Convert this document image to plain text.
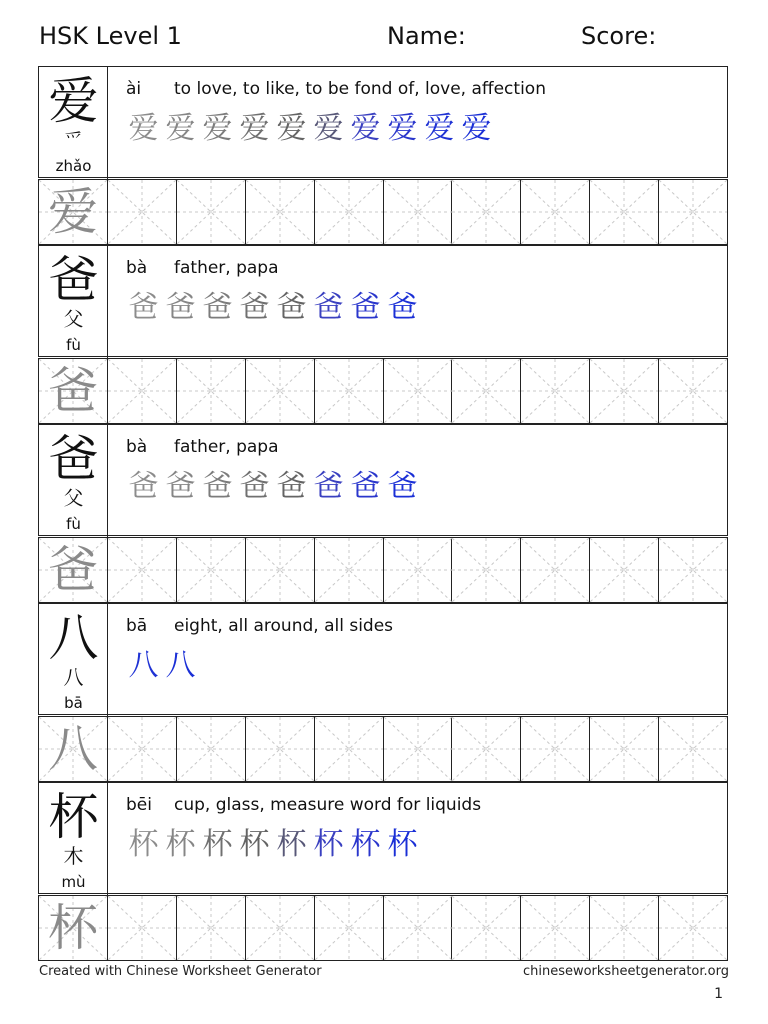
HSK Level 1	Name:	Score:
爱
爫
zhǎo
ài to love, to like, to be fond of, love, affection
爱 爱 爱 爱 爱 爱 爱 爱 爱 爱
爱
爸
父
fù
bà father, papa
爸 爸 爸 爸 爸 爸 爸 爸
爸
爸
父
fù
bà father, papa
爸 爸 爸 爸 爸 爸 爸 爸
爸
八
八
bā
bā eight, all around, all sides
八 八
八
杯
木
mù
bēi cup, glass, measure word for liquids
杯 杯 杯 杯 杯 杯 杯 杯
杯
Created with Chinese Worksheet Generator	chineseworksheetgenerator.org
1
